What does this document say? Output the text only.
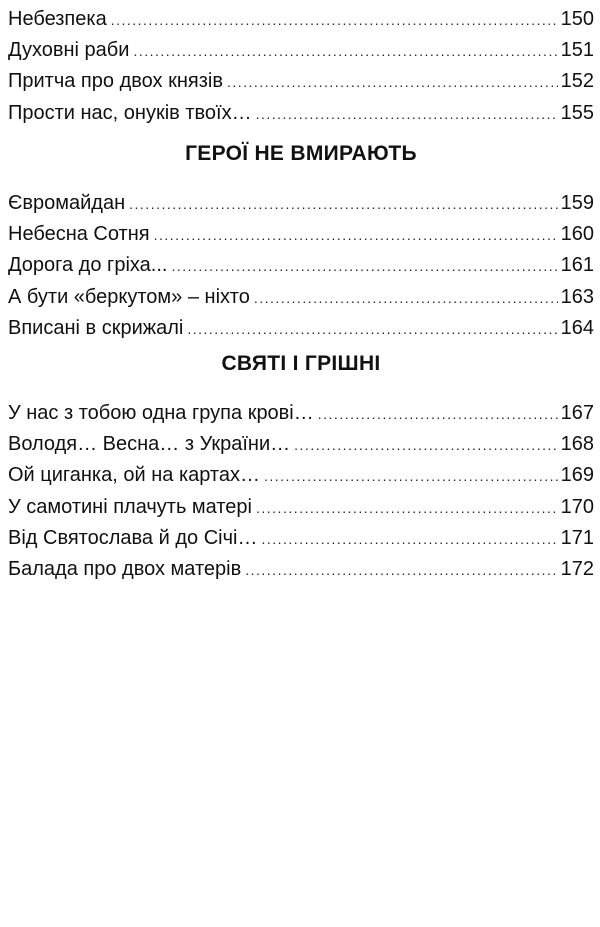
Небезпека .....	150
Духовні раби .....	151
Притча про двох князів .....	152
Прости нас, онуків твоїх… .....	155
ГЕРОЇ НЕ ВМИРАЮТЬ
Євромайдан .....	159
Небесна Сотня .....	160
Дорога до гріха... .....	161
А бути «беркутом» – ніхто .....	163
Вписані в скрижалі .....	164
СВЯТІ І ГРІШНІ
У нас з тобою одна група крові… .....	167
Володя… Весна… з України… .....	168
Ой циганка, ой на картах… .....	169
У самотині плачуть матері .....	170
Від Святослава й до Січі… .....	171
Балада про двох матерів .....	172
